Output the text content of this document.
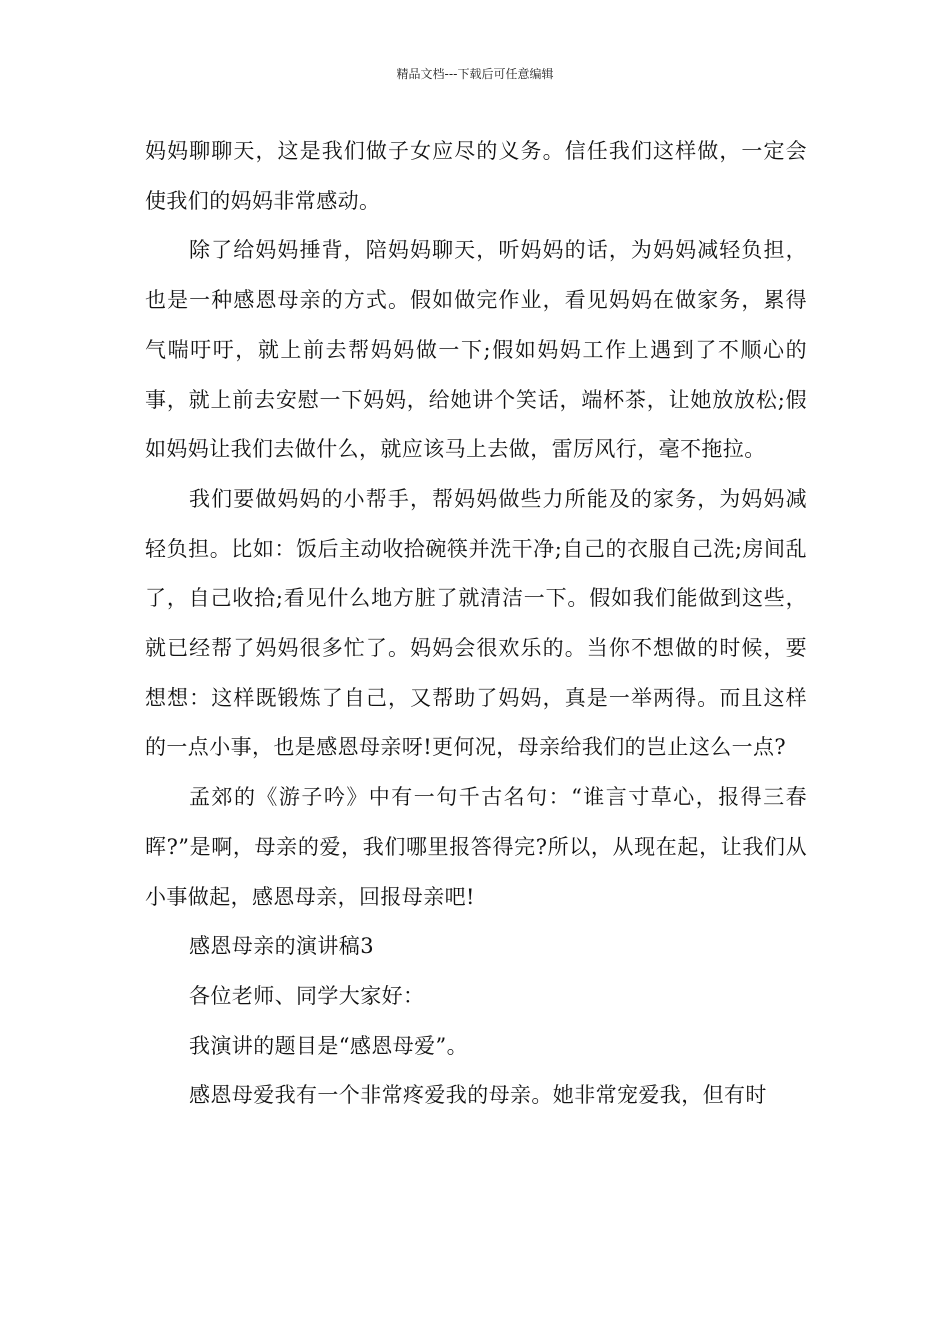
精品文档---下载后可任意编辑

妈妈聊聊天，这是我们做子女应尽的义务。信任我们这样做，一定会使我们的妈妈非常感动。

除了给妈妈捶背，陪妈妈聊天，听妈妈的话，为妈妈减轻负担，也是一种感恩母亲的方式。假如做完作业，看见妈妈在做家务，累得气喘吁吁，就上前去帮妈妈做一下;假如妈妈工作上遇到了不顺心的事，就上前去安慰一下妈妈，给她讲个笑话，端杯茶，让她放放松;假如妈妈让我们去做什么，就应该马上去做，雷厉风行，毫不拖拉。

我们要做妈妈的小帮手，帮妈妈做些力所能及的家务，为妈妈减轻负担。比如：饭后主动收拾碗筷并洗干净;自己的衣服自己洗;房间乱了，自己收拾;看见什么地方脏了就清洁一下。假如我们能做到这些，就已经帮了妈妈很多忙了。妈妈会很欢乐的。当你不想做的时候，要想想：这样既锻炼了自己，又帮助了妈妈，真是一举两得。而且这样的一点小事，也是感恩母亲呀!更何况，母亲给我们的岂止这么一点?

孟郊的《游子吟》中有一句千古名句：“谁言寸草心，报得三春晖?”是啊，母亲的爱，我们哪里报答得完?所以，从现在起，让我们从小事做起，感恩母亲，回报母亲吧!

感恩母亲的演讲稿3

各位老师、同学大家好：

我演讲的题目是“感恩母爱”。

感恩母爱我有一个非常疼爱我的母亲。她非常宠爱我，但有时
